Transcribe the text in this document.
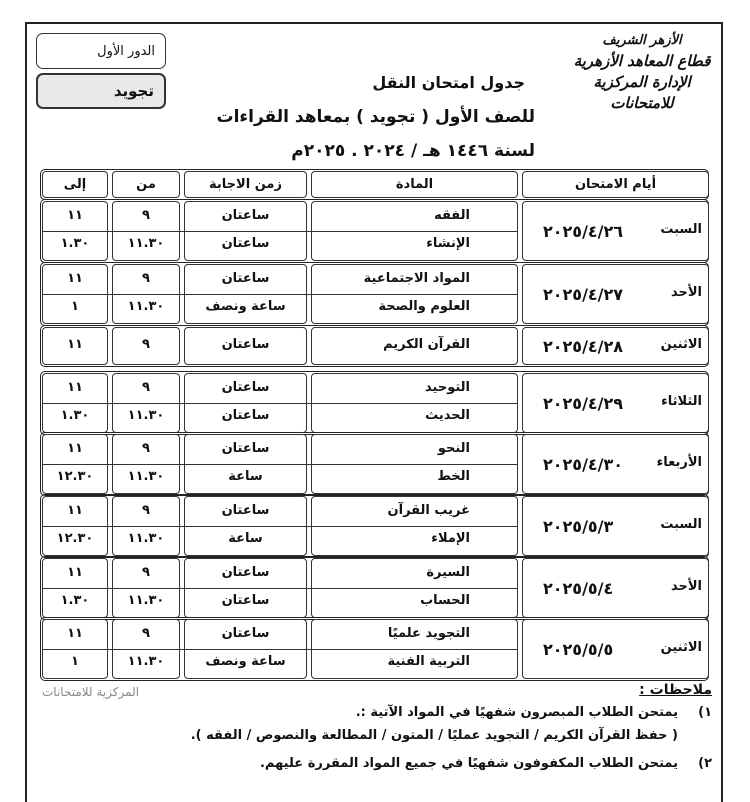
الدور الأول
تجويد
الأزهر الشريف
قطاع المعاهد الأزهرية
الإدارة المركزية للامتحانات
جدول امتحان النقل
للصف الأول ( تجويد ) بمعاهد القراءات
لسنة ١٤٤٦ هـ / ٢٠٢٤ . ٢٠٢٥م
أيام الامتحان
المادة
زمن الاجابة
من
إلى
السبت
٢٠٢٥/٤/٢٦
الفقه
ساعتان
٩
١١
الإنشاء
ساعتان
١١.٣٠
١.٣٠
الأحد
٢٠٢٥/٤/٢٧
المواد الاجتماعية
ساعتان
٩
١١
العلوم والصحة
ساعة ونصف
١١.٣٠
١
الاثنين
٢٠٢٥/٤/٢٨
القرآن الكريم
ساعتان
٩
١١
الثلاثاء
٢٠٢٥/٤/٢٩
التوحيد
ساعتان
٩
١١
الحديث
ساعتان
١١.٣٠
١.٣٠
الأربعاء
٢٠٢٥/٤/٣٠
النحو
ساعتان
٩
١١
الخط
ساعة
١١.٣٠
١٢.٣٠
السبت
٢٠٢٥/٥/٣
غريب القرآن
ساعتان
٩
١١
الإملاء
ساعة
١١.٣٠
١٢.٣٠
الأحد
٢٠٢٥/٥/٤
السيرة
ساعتان
٩
١١
الحساب
ساعتان
١١.٣٠
١.٣٠
الاثنين
٢٠٢٥/٥/٥
التجويد علميًا
ساعتان
٩
١١
التربية الفنية
ساعة ونصف
١١.٣٠
١
ملاحظات :
المركزية للامتحانات
١)
يمتحن الطلاب المبصرون شفهيًا في المواد الآتية :.
( حفظ القرآن الكريم / التجويد عمليًا / المتون / المطالعة والنصوص / الفقه ).
٢)
يمتحن الطلاب المكفوفون شفهيًا في جميع المواد المقررة عليهم.
